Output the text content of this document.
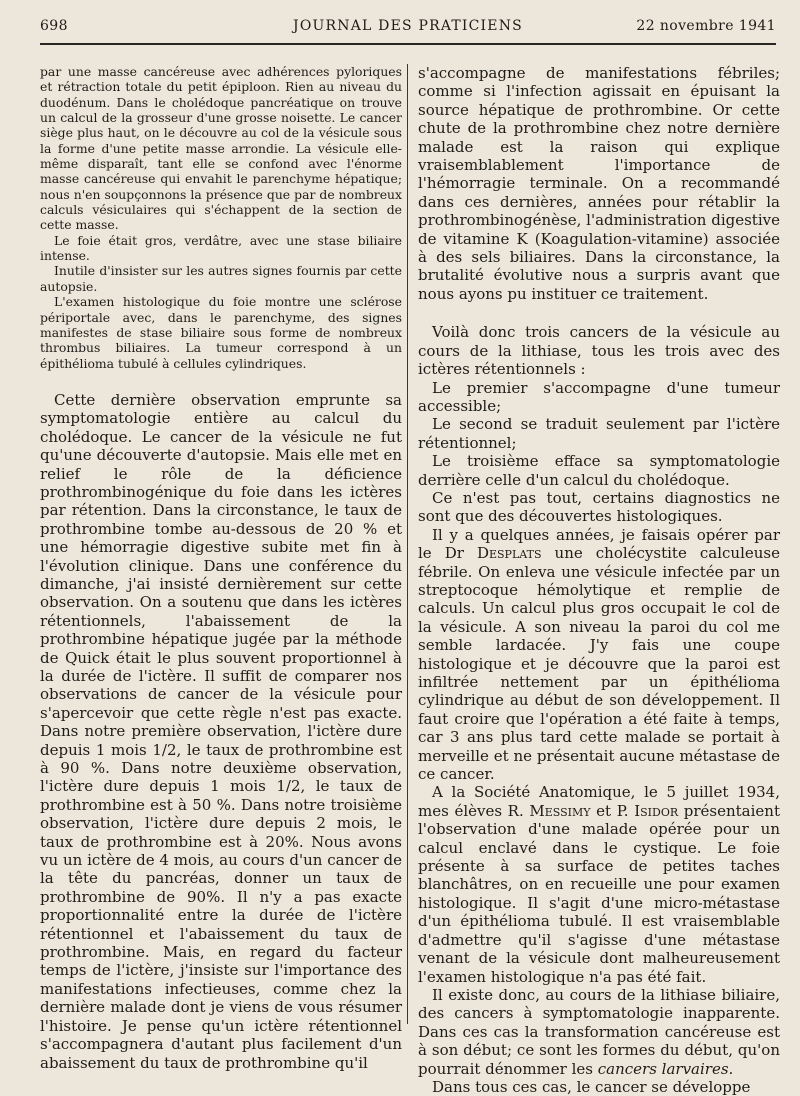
698	JOURNAL DES PRATICIENS	22 novembre 1941

par une masse cancéreuse avec adhérences pyloriques et rétraction totale du petit épiploon. Rien au niveau du duodénum. Dans le cholédoque pancréatique on trouve un calcul de la grosseur d'une grosse noisette. Le cancer siège plus haut, on le découvre au col de la vésicule sous la forme d'une petite masse arrondie. La vésicule elle-même disparaît, tant elle se confond avec l'énorme masse cancéreuse qui envahit le parenchyme hépatique; nous n'en soupçonnons la présence que par de nombreux calculs vésiculaires qui s'échappent de la section de cette masse.

Le foie était gros, verdâtre, avec une stase biliaire intense.

Inutile d'insister sur les autres signes fournis par cette autopsie.

L'examen histologique du foie montre une sclérose périportale avec, dans le parenchyme, des signes manifestes de stase biliaire sous forme de nombreux thrombus biliaires. La tumeur correspond à un épithélioma tubulé à cellules cylindriques.

Cette dernière observation emprunte sa symptomatologie entière au calcul du cholédoque. Le cancer de la vésicule ne fut qu'une découverte d'autopsie. Mais elle met en relief le rôle de la déficience prothrombinogénique du foie dans les ictères par rétention. Dans la circonstance, le taux de prothrombine tombe au-dessous de 20 % et une hémorragie digestive subite met fin à l'évolution clinique. Dans une conférence du dimanche, j'ai insisté dernièrement sur cette observation. On a soutenu que dans les ictères rétentionnels, l'abaissement de la prothrombine hépatique jugée par la méthode de Quick était le plus souvent proportionnel à la durée de l'ictère. Il suffit de comparer nos observations de cancer de la vésicule pour s'apercevoir que cette règle n'est pas exacte. Dans notre première observation, l'ictère dure depuis 1 mois 1/2, le taux de prothrombine est à 90 %. Dans notre deuxième observation, l'ictère dure depuis 1 mois 1/2, le taux de prothrombine est à 50 %. Dans notre troisième observation, l'ictère dure depuis 2 mois, le taux de prothrombine est à 20%. Nous avons vu un ictère de 4 mois, au cours d'un cancer de la tête du pancréas, donner un taux de prothrombine de 90%. Il n'y a pas exacte proportionnalité entre la durée de l'ictère rétentionnel et l'abaissement du taux de prothrombine. Mais, en regard du facteur temps de l'ictère, j'insiste sur l'importance des manifestations infectieuses, comme chez la dernière malade dont je viens de vous résumer l'histoire. Je pense qu'un ictère rétentionnel s'accompagnera d'autant plus facilement d'un abaissement du taux de prothrombine qu'il

s'accompagne de manifestations fébriles; comme si l'infection agissait en épuisant la source hépatique de prothrombine. Or cette chute de la prothrombine chez notre dernière malade est la raison qui explique vraisemblablement l'importance de l'hémorragie terminale. On a recommandé dans ces dernières, années pour rétablir la prothrombinogénèse, l'administration digestive de vitamine K (Koagulation-vitamine) associée à des sels biliaires. Dans la circonstance, la brutalité évolutive nous a surpris avant que nous ayons pu instituer ce traitement.

Voilà donc trois cancers de la vésicule au cours de la lithiase, tous les trois avec des ictères rétentionnels :

Le premier s'accompagne d'une tumeur accessible;

Le second se traduit seulement par l'ictère rétentionnel;

Le troisième efface sa symptomatologie derrière celle d'un calcul du cholédoque.

Ce n'est pas tout, certains diagnostics ne sont que des découvertes histologiques.

Il y a quelques années, je faisais opérer par le Dr Desplats une cholécystite calculeuse fébrile. On enleva une vésicule infectée par un streptocoque hémolytique et remplie de calculs. Un calcul plus gros occupait le col de la vésicule. A son niveau la paroi du col me semble lardacée. J'y fais une coupe histologique et je découvre que la paroi est infiltrée nettement par un épithélioma cylindrique au début de son développement. Il faut croire que l'opération a été faite à temps, car 3 ans plus tard cette malade se portait à merveille et ne présentait aucune métastase de ce cancer.

A la Société Anatomique, le 5 juillet 1934, mes élèves R. Messimy et P. Isidor présentaient l'observation d'une malade opérée pour un calcul enclavé dans le cystique. Le foie présente à sa surface de petites taches blanchâtres, on en recueille une pour examen histologique. Il s'agit d'une micro-métastase d'un épithélioma tubulé. Il est vraisemblable d'admettre qu'il s'agisse d'une métastase venant de la vésicule dont malheureusement l'examen histologique n'a pas été fait.

Il existe donc, au cours de la lithiase biliaire, des cancers à symptomatologie inapparente. Dans ces cas la transformation cancéreuse est à son début; ce sont les formes du début, qu'on pourrait dénommer les cancers larvaires.

Dans tous ces cas, le cancer se développe
